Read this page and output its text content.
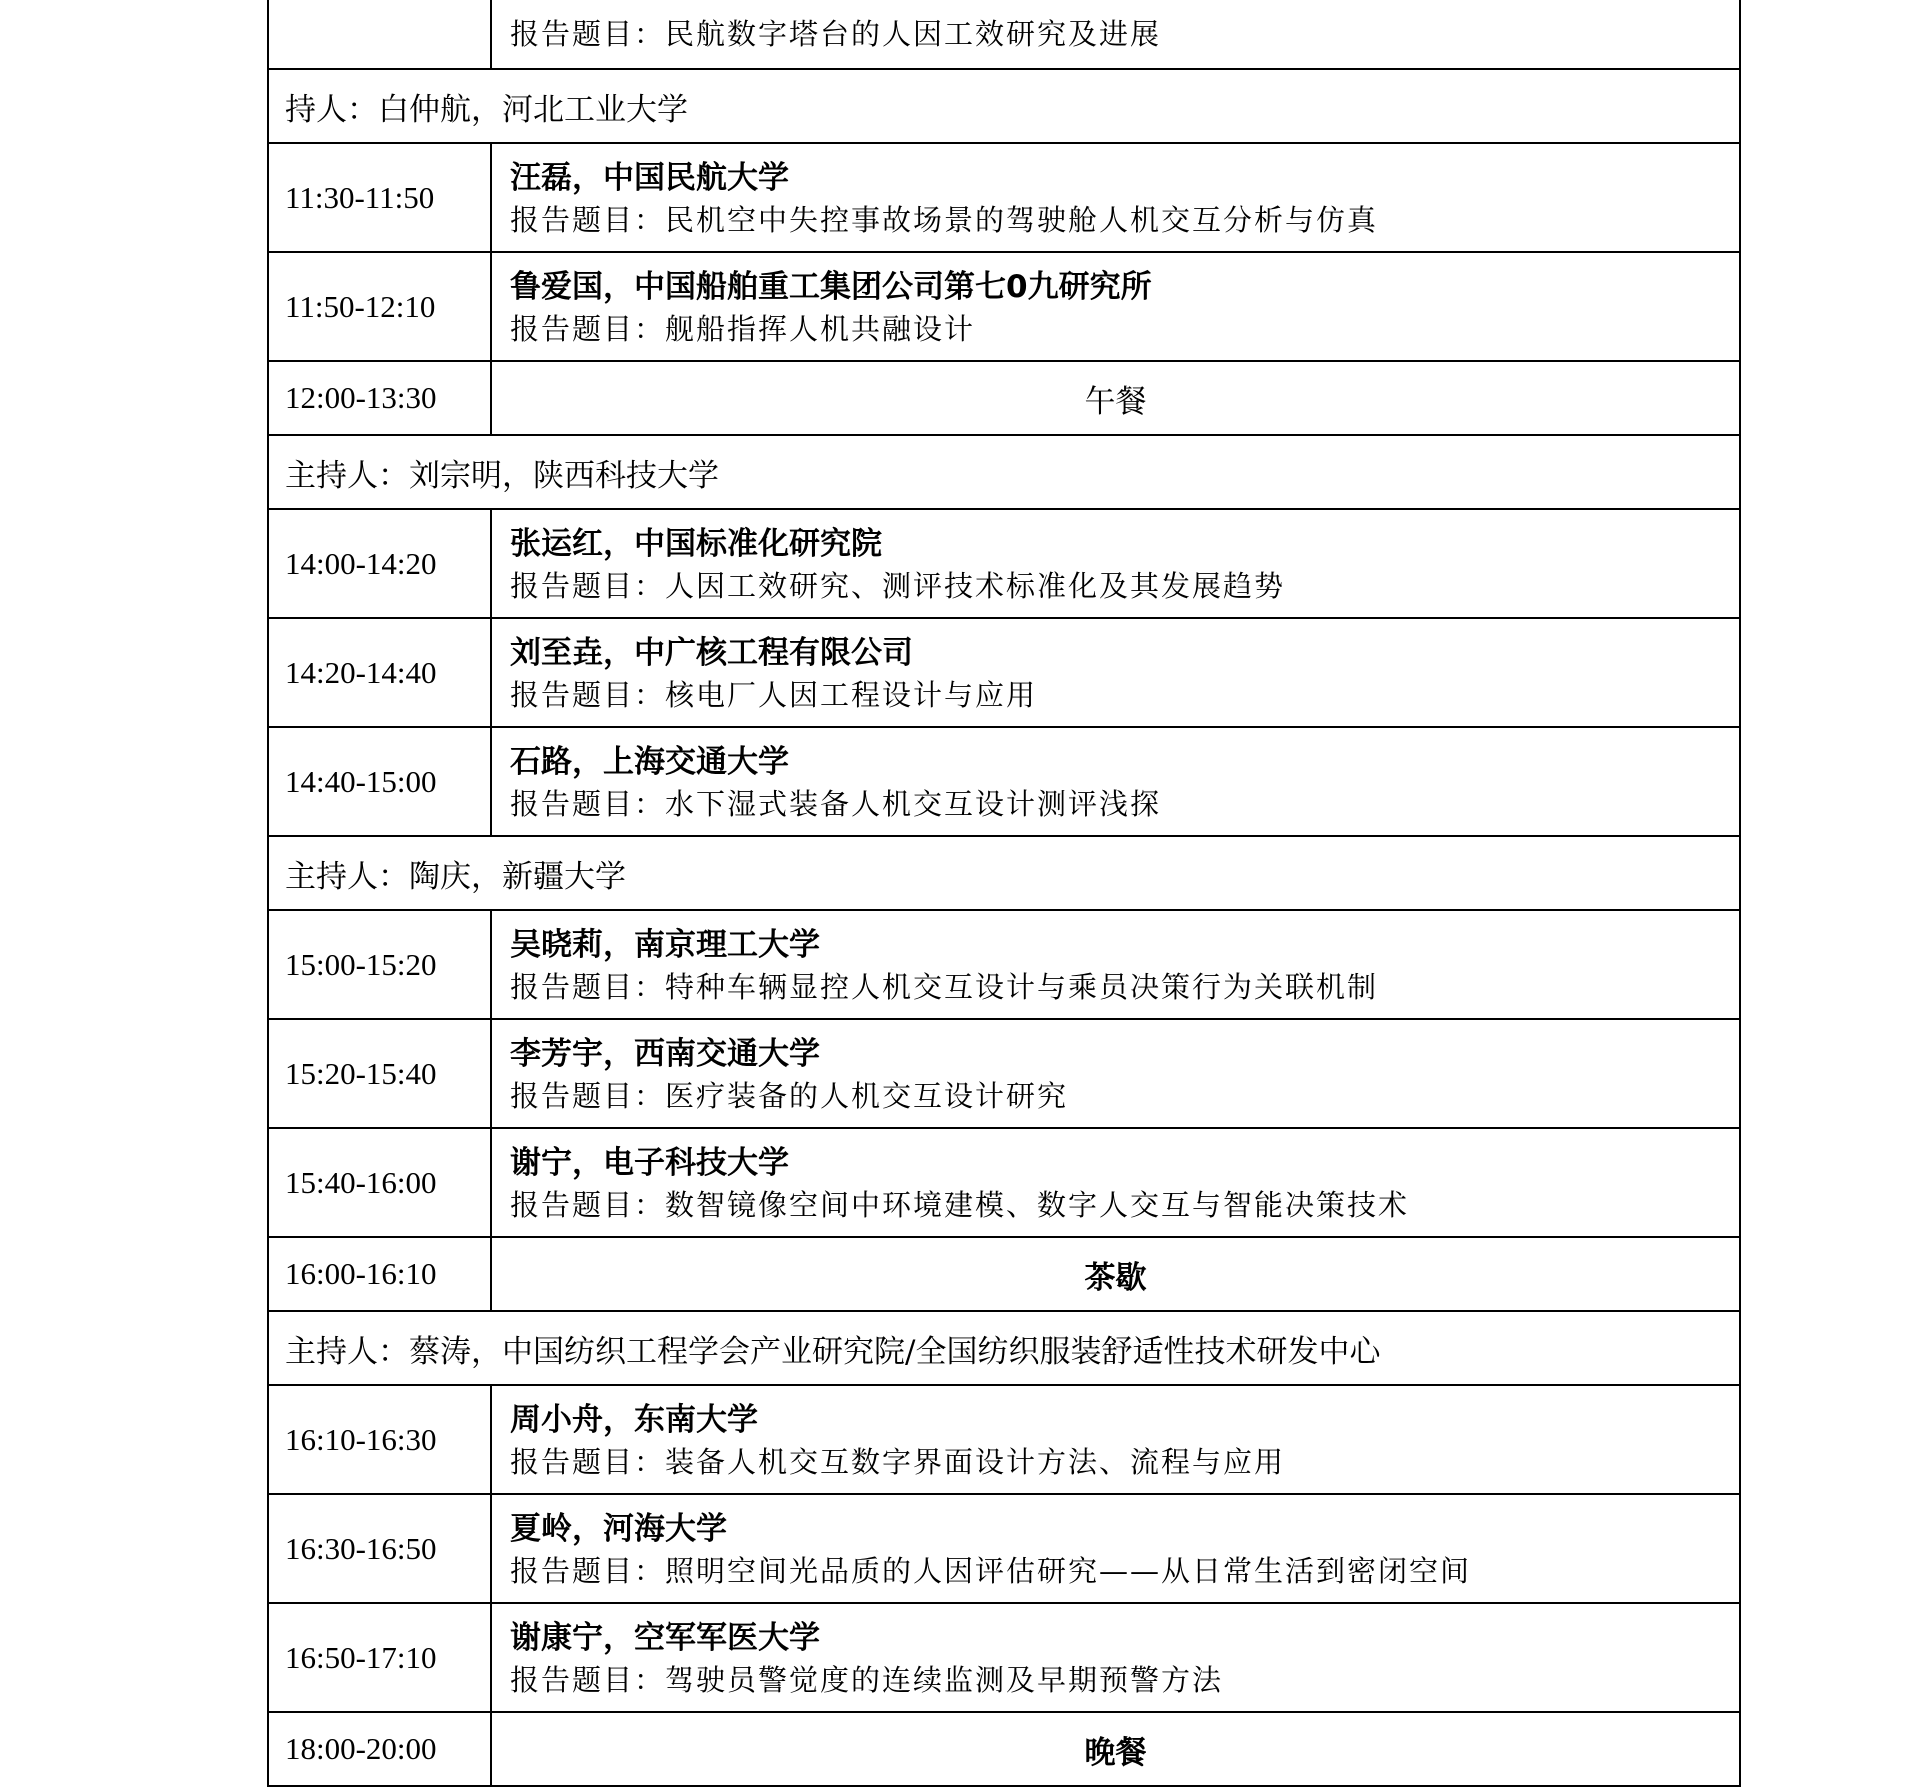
	报告题目：民航数字塔台的人因工效研究及进展

持人：白仲航，河北工业大学	
11:30-11:50	汪磊，中国民航大学
报告题目：民机空中失控事故场景的驾驶舱人机交互分析与仿真

11:50-12:10	鲁爱国，中国船舶重工集团公司第七0九研究所
报告题目：舰船指挥人机共融设计

12:00-13:30	午餐
主持人：刘宗明，陕西科技大学	
14:00-14:20	张运红，中国标准化研究院
报告题目：人因工效研究、测评技术标准化及其发展趋势

14:20-14:40	刘至垚，中广核工程有限公司
报告题目：核电厂人因工程设计与应用

14:40-15:00	石路，上海交通大学
报告题目：水下湿式装备人机交互设计测评浅探

主持人：陶庆，新疆大学	
15:00-15:20	吴晓莉，南京理工大学
报告题目：特种车辆显控人机交互设计与乘员决策行为关联机制

15:20-15:40	李芳宇，西南交通大学
报告题目：医疗装备的人机交互设计研究

15:40-16:00	谢宁，电子科技大学
报告题目：数智镜像空间中环境建模、数字人交互与智能决策技术

16:00-16:10	茶歇
主持人：蔡涛，中国纺织工程学会产业研究院/全国纺织服装舒适性技术研发中心	
16:10-16:30	周小舟，东南大学
报告题目：装备人机交互数字界面设计方法、流程与应用

16:30-16:50	夏岭，河海大学
报告题目：照明空间光品质的人因评估研究——从日常生活到密闭空间

16:50-17:10	谢康宁，空军军医大学
报告题目：驾驶员警觉度的连续监测及早期预警方法

18:00-20:00	晚餐
